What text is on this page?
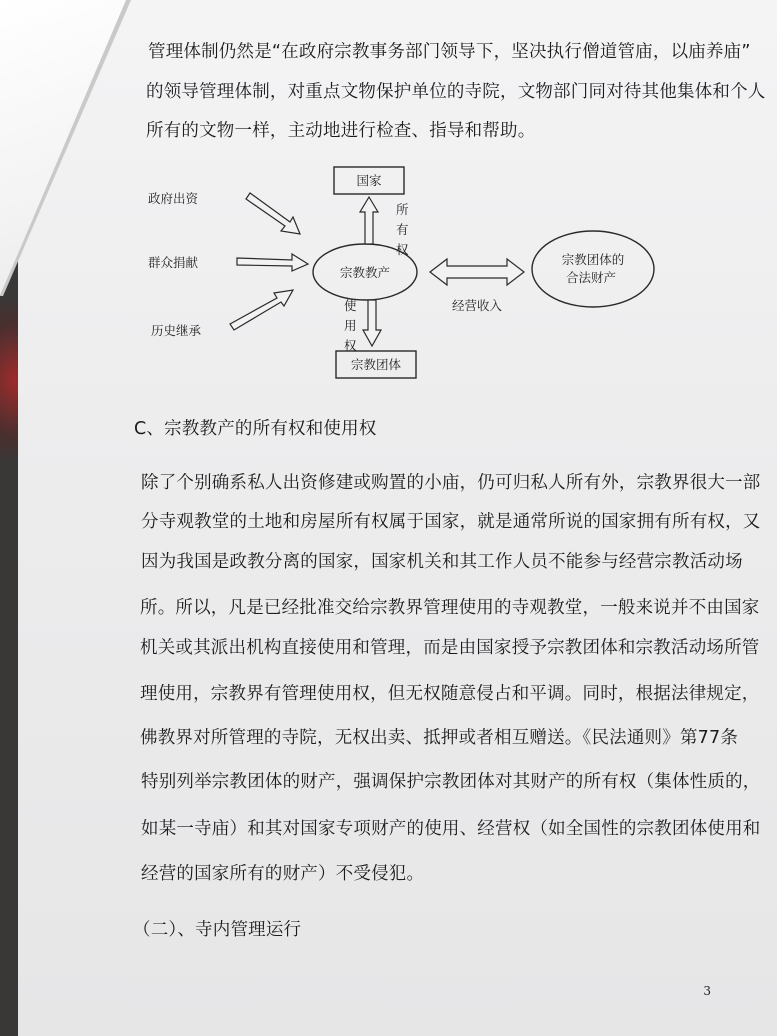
管理体制仍然是“在政府宗教事务部门领导下，坚决执行僧道管庙，以庙养庙”
的领导管理体制，对重点文物保护单位的寺院，文物部门同对待其他集体和个人
所有的文物一样，主动地进行检查、指导和帮助。
国家
宗教教产
宗教团体
宗教团体的
合法财产
政府出资
群众捐献
历史继承
所
有
权
使
用
权
经营收入
C、宗教教产的所有权和使用权
除了个别确系私人出资修建或购置的小庙，仍可归私人所有外，宗教界很大一部
分寺观教堂的土地和房屋所有权属于国家，就是通常所说的国家拥有所有权，又
因为我国是政教分离的国家，国家机关和其工作人员不能参与经营宗教活动场
所。所以，凡是已经批准交给宗教界管理使用的寺观教堂，一般来说并不由国家
机关或其派出机构直接使用和管理，而是由国家授予宗教团体和宗教活动场所管
理使用，宗教界有管理使用权，但无权随意侵占和平调。同时，根据法律规定，
佛教界对所管理的寺院，无权出卖、抵押或者相互赠送。《民法通则》第77条
特别列举宗教团体的财产，强调保护宗教团体对其财产的所有权（集体性质的，
如某一寺庙）和其对国家专项财产的使用、经营权（如全国性的宗教团体使用和
经营的国家所有的财产）不受侵犯。
（二）、寺内管理运行
3
